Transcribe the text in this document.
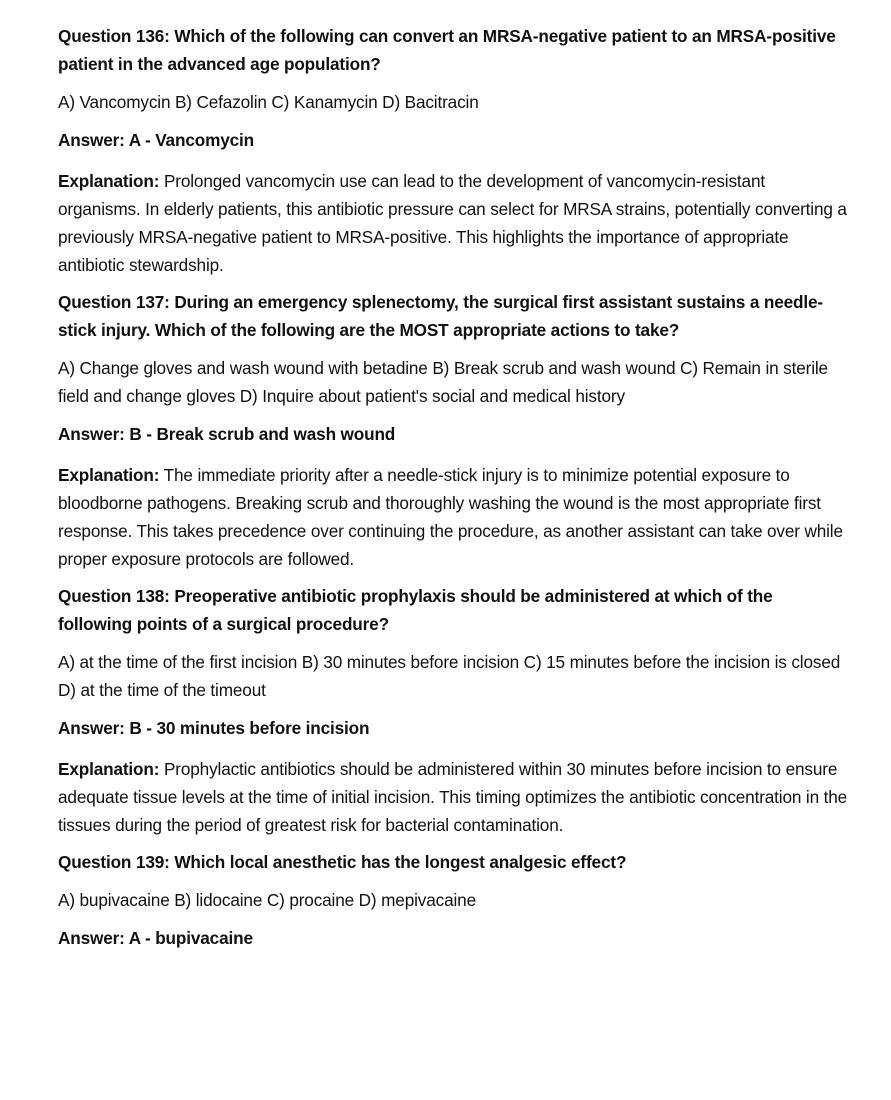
Question 136: Which of the following can convert an MRSA-negative patient to an MRSA-positive patient in the advanced age population?

A) Vancomycin B) Cefazolin C) Kanamycin D) Bacitracin

Answer: A - Vancomycin

Explanation: Prolonged vancomycin use can lead to the development of vancomycin-resistant organisms. In elderly patients, this antibiotic pressure can select for MRSA strains, potentially converting a previously MRSA-negative patient to MRSA-positive. This highlights the importance of appropriate antibiotic stewardship.

Question 137: During an emergency splenectomy, the surgical first assistant sustains a needle-stick injury. Which of the following are the MOST appropriate actions to take?

A) Change gloves and wash wound with betadine B) Break scrub and wash wound C) Remain in sterile field and change gloves D) Inquire about patient's social and medical history

Answer: B - Break scrub and wash wound

Explanation: The immediate priority after a needle-stick injury is to minimize potential exposure to bloodborne pathogens. Breaking scrub and thoroughly washing the wound is the most appropriate first response. This takes precedence over continuing the procedure, as another assistant can take over while proper exposure protocols are followed.

Question 138: Preoperative antibiotic prophylaxis should be administered at which of the following points of a surgical procedure?

A) at the time of the first incision B) 30 minutes before incision C) 15 minutes before the incision is closed D) at the time of the timeout

Answer: B - 30 minutes before incision

Explanation: Prophylactic antibiotics should be administered within 30 minutes before incision to ensure adequate tissue levels at the time of initial incision. This timing optimizes the antibiotic concentration in the tissues during the period of greatest risk for bacterial contamination.

Question 139: Which local anesthetic has the longest analgesic effect?

A) bupivacaine B) lidocaine C) procaine D) mepivacaine

Answer: A - bupivacaine
